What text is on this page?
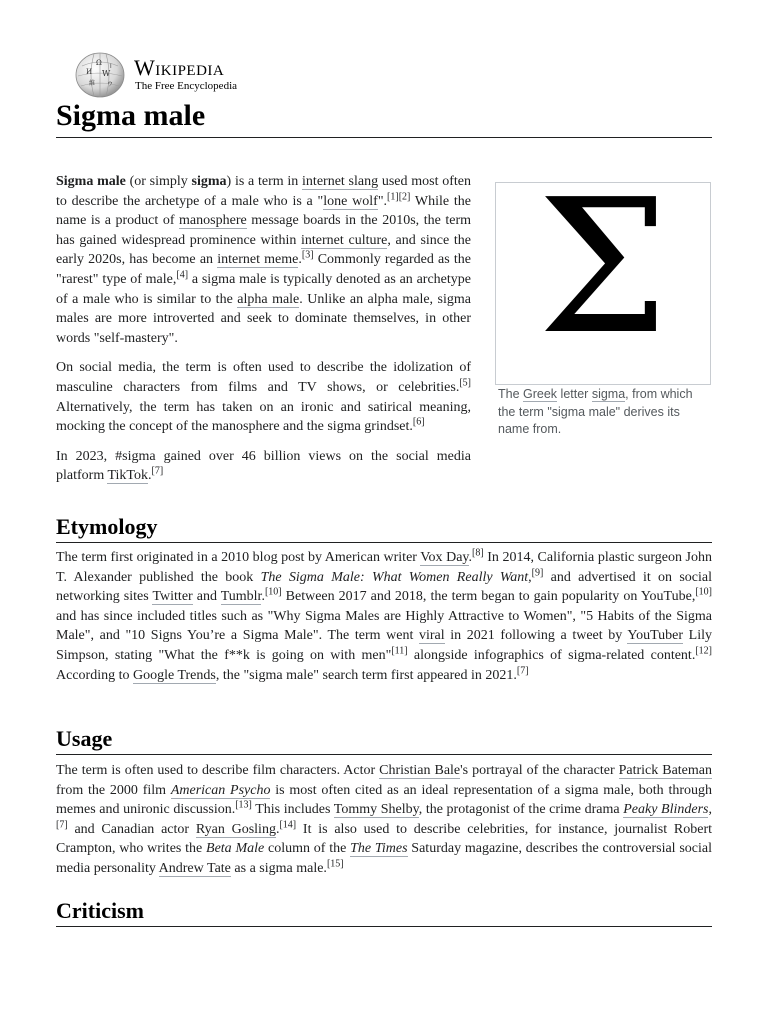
Ω
И W
維 ウ
ا Wikipedia
The Free Encyclopedia
Sigma male
Σ
The Greek letter sigma, from which the term "sigma male" derives its name from.

Sigma male (or simply sigma) is a term in internet slang used most often to describe the archetype of a male who is a "lone wolf".[1][2] While the name is a product of manosphere message boards in the 2010s, the term has gained widespread prominence within internet culture, and since the early 2020s, has become an internet meme.[3] Commonly regarded as the "rarest" type of male,[4] a sigma male is typically denoted as an archetype of a male who is similar to the alpha male. Unlike an alpha male, sigma males are more introverted and seek to dominate themselves, in other words "self-mastery".

On social media, the term is often used to describe the idolization of masculine characters from films and TV shows, or celebrities.[5] Alternatively, the term has taken on an ironic and satirical meaning, mocking the concept of the manosphere and the sigma grindset.[6]

In 2023, #sigma gained over 46 billion views on the social media platform TikTok.[7]

Etymology

The term first originated in a 2010 blog post by American writer Vox Day.[8] In 2014, California plastic surgeon John T. Alexander published the book The Sigma Male: What Women Really Want,[9] and advertised it on social networking sites Twitter and Tumblr.[10] Between 2017 and 2018, the term began to gain popularity on YouTube,[10] and has since included titles such as "Why Sigma Males are Highly Attractive to Women", "5 Habits of the Sigma Male", and "10 Signs You’re a Sigma Male". The term went viral in 2021 following a tweet by YouTuber Lily Simpson, stating "What the f**k is going on with men"[11] alongside infographics of sigma-related content.[12] According to Google Trends, the "sigma male" search term first appeared in 2021.[7]

Usage

The term is often used to describe film characters. Actor Christian Bale's portrayal of the character Patrick Bateman from the 2000 film American Psycho is most often cited as an ideal representation of a sigma male, both through memes and unironic discussion.[13] This includes Tommy Shelby, the protagonist of the crime drama Peaky Blinders,[7] and Canadian actor Ryan Gosling.[14] It is also used to describe celebrities, for instance, journalist Robert Crampton, who writes the Beta Male column of the The Times Saturday magazine, describes the controversial social media personality Andrew Tate as a sigma male.[15]

Criticism
